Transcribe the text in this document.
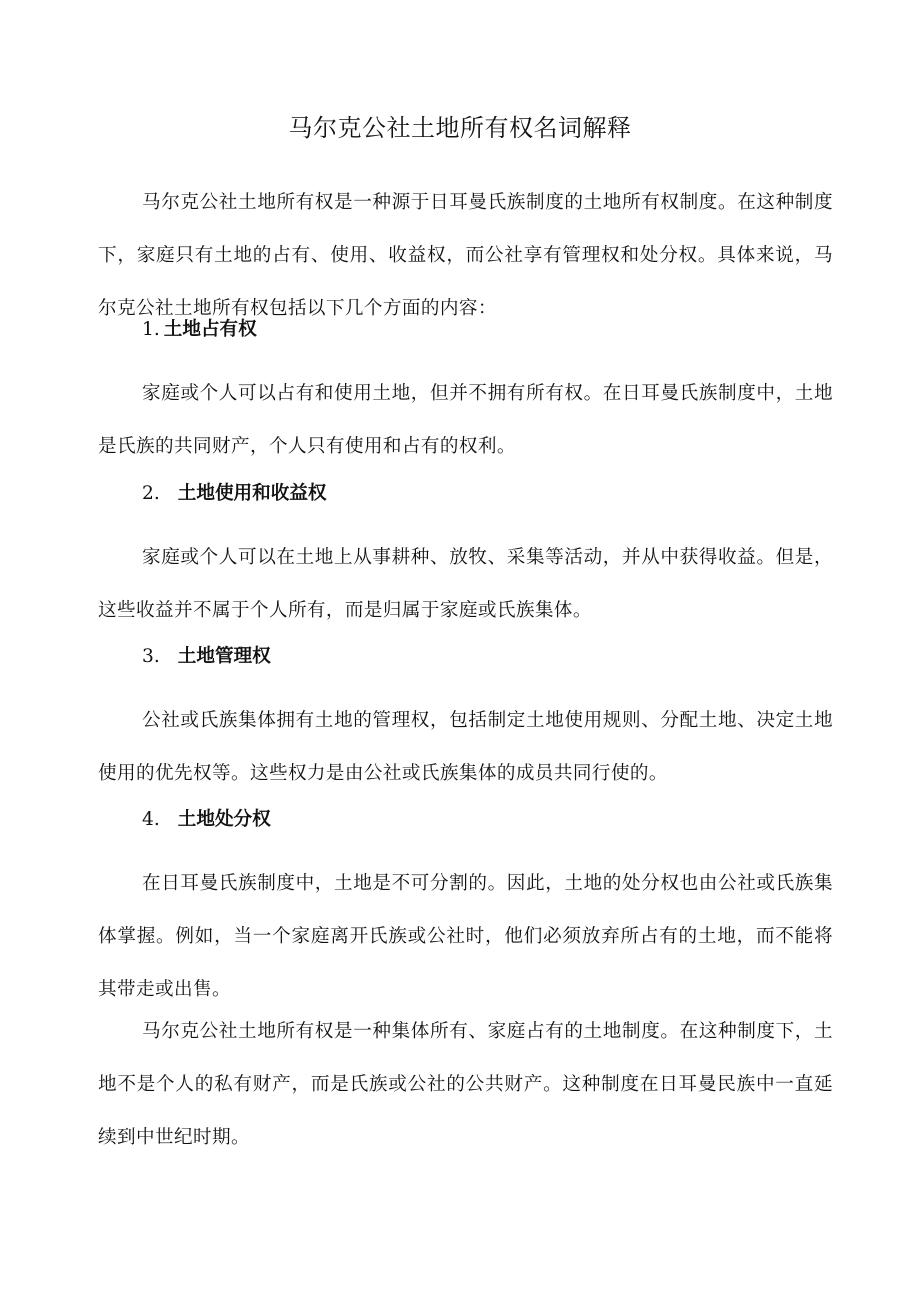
马尔克公社土地所有权名词解释

马尔克公社土地所有权是一种源于日耳曼氏族制度的土地所有权制度。在这种制度下，家庭只有土地的占有、使用、收益权，而公社享有管理权和处分权。具体来说，马尔克公社土地所有权包括以下几个方面的内容：

1. 土地占有权

家庭或个人可以占有和使用土地，但并不拥有所有权。在日耳曼氏族制度中，土地是氏族的共同财产，个人只有使用和占有的权利。

2. 土地使用和收益权

家庭或个人可以在土地上从事耕种、放牧、采集等活动，并从中获得收益。但是，这些收益并不属于个人所有，而是归属于家庭或氏族集体。

3. 土地管理权

公社或氏族集体拥有土地的管理权，包括制定土地使用规则、分配土地、决定土地使用的优先权等。这些权力是由公社或氏族集体的成员共同行使的。

4. 土地处分权

在日耳曼氏族制度中，土地是不可分割的。因此，土地的处分权也由公社或氏族集体掌握。例如，当一个家庭离开氏族或公社时，他们必须放弃所占有的土地，而不能将其带走或出售。

马尔克公社土地所有权是一种集体所有、家庭占有的土地制度。在这种制度下，土地不是个人的私有财产，而是氏族或公社的公共财产。这种制度在日耳曼民族中一直延续到中世纪时期。
